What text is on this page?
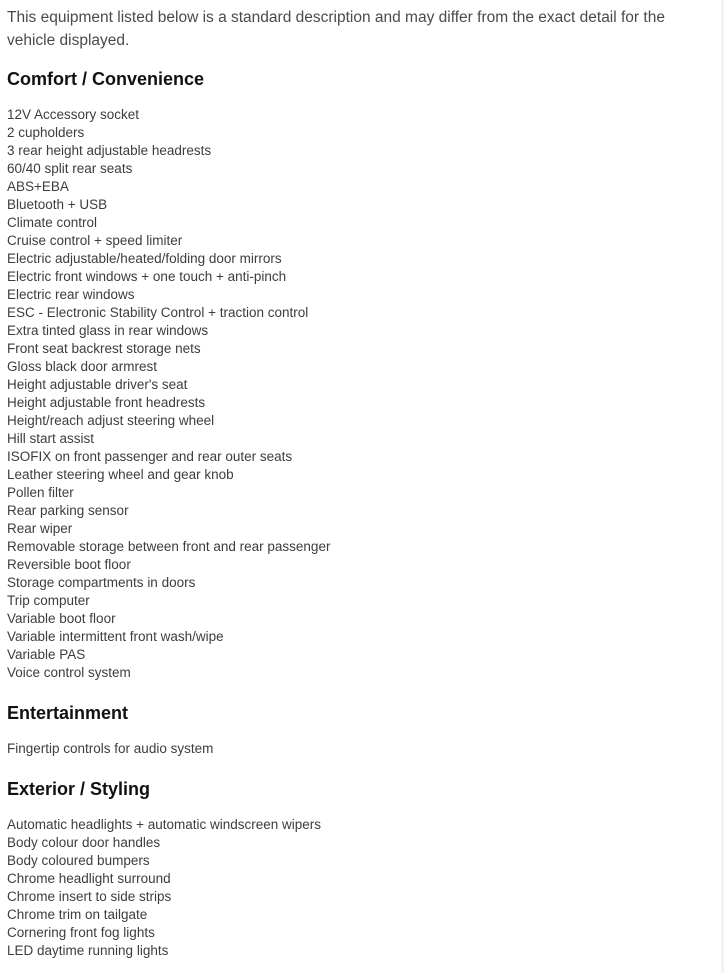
This equipment listed below is a standard description and may differ from the exact detail for the vehicle displayed.

Comfort / Convenience
12V Accessory socket
2 cupholders
3 rear height adjustable headrests
60/40 split rear seats
ABS+EBA
Bluetooth + USB
Climate control
Cruise control + speed limiter
Electric adjustable/heated/folding door mirrors
Electric front windows + one touch + anti-pinch
Electric rear windows
ESC - Electronic Stability Control + traction control
Extra tinted glass in rear windows
Front seat backrest storage nets
Gloss black door armrest
Height adjustable driver's seat
Height adjustable front headrests
Height/reach adjust steering wheel
Hill start assist
ISOFIX on front passenger and rear outer seats
Leather steering wheel and gear knob
Pollen filter
Rear parking sensor
Rear wiper
Removable storage between front and rear passenger
Reversible boot floor
Storage compartments in doors
Trip computer
Variable boot floor
Variable intermittent front wash/wipe
Variable PAS
Voice control system
Entertainment
Fingertip controls for audio system
Exterior / Styling
Automatic headlights + automatic windscreen wipers
Body colour door handles
Body coloured bumpers
Chrome headlight surround
Chrome insert to side strips
Chrome trim on tailgate
Cornering front fog lights
LED daytime running lights
